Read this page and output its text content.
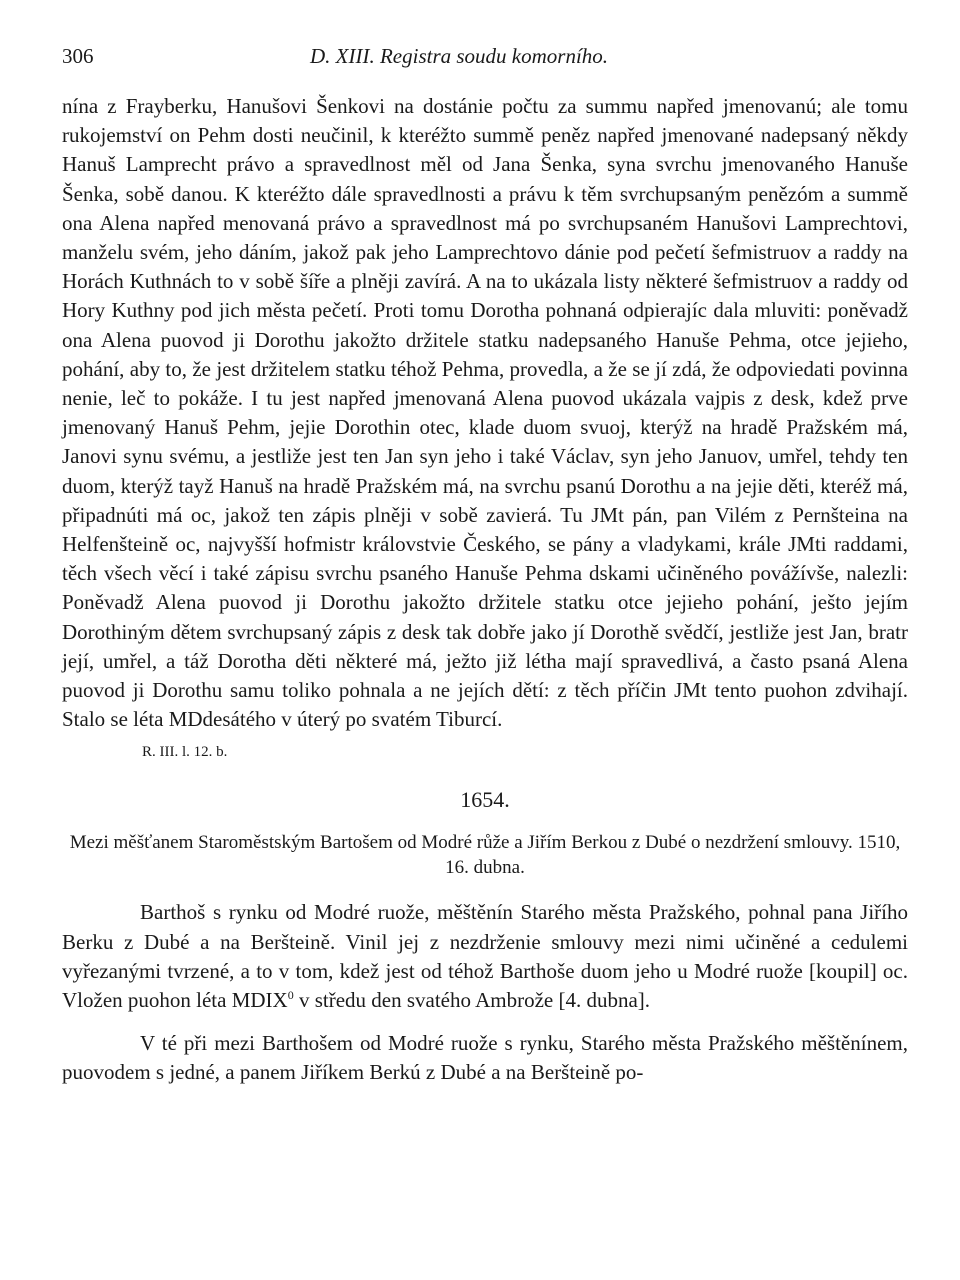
306	D. XIII. Registra soudu komorního.

nína z Frayberku, Hanušovi Šenkovi na dostánie počtu za summu napřed jmenovanú; ale tomu rukojemství on Pehm dosti neučinil, k kteréžto summě peněz napřed jmenované nadepsaný někdy Hanuš Lamprecht právo a spravedlnost měl od Jana Šenka, syna svrchu jmenovaného Hanuše Šenka, sobě danou. K kteréžto dále spravedlnosti a právu k těm svrchupsaným penězóm a summě ona Alena napřed menovaná právo a spravedlnost má po svrchupsaném Hanušovi Lamprechtovi, manželu svém, jeho dáním, jakož pak jeho Lamprechtovo dánie pod pečetí šefmistruov a raddy na Horách Kuthnách to v sobě šíře a plněji zavírá. A na to ukázala listy některé šefmistruov a raddy od Hory Kuthny pod jich města pečetí. Proti tomu Dorotha pohnaná odpierajíc dala mluviti: poněvadž ona Alena puovod ji Dorothu jakožto držitele statku nadepsaného Hanuše Pehma, otce jejieho, pohání, aby to, že jest držitelem statku téhož Pehma, provedla, a že se jí zdá, že odpoviedati povinna nenie, leč to pokáže. I tu jest napřed jmenovaná Alena puovod ukázala vajpis z desk, kdež prve jmenovaný Hanuš Pehm, jejie Dorothin otec, klade duom svuoj, kterýž na hradě Pražském má, Janovi synu svému, a jestliže jest ten Jan syn jeho i také Václav, syn jeho Januov, umřel, tehdy ten duom, kterýž tayž Hanuš na hradě Pražském má, na svrchu psanú Dorothu a na jejie děti, kteréž má, připadnúti má oc, jakož ten zápis plněji v sobě zavierá. Tu JMt pán, pan Vilém z Pernšteina na Helfenšteině oc, najvyšší hofmistr královstvie Českého, se pány a vladykami, krále JMti raddami, těch všech věcí i také zápisu svrchu psaného Hanuše Pehma dskami učiněného povážívše, nalezli: Poněvadž Alena puovod ji Dorothu jakožto držitele statku otce jejieho pohání, ješto jejím Dorothiným dětem svrchupsaný zápis z desk tak dobře jako jí Dorothě svědčí, jestliže jest Jan, bratr její, umřel, a táž Dorotha děti některé má, ježto již létha mají spravedlivá, a často psaná Alena puovod ji Dorothu samu toliko pohnala a ne jejích dětí: z těch příčin JMt tento puohon zdvihají. Stalo se léta MDdesátého v úterý po svatém Tiburcí.

R. III. l. 12. b.
1654.
Mezi měšťanem Staroměstským Bartošem od Modré růže a Jiřím Berkou z Dubé o nezdržení smlouvy. 1510, 16. dubna.

Barthoš s rynku od Modré ruože, měštěnín Starého města Pražského, pohnal pana Jiřího Berku z Dubé a na Beršteině. Vinil jej z nezdrženie smlouvy mezi nimi učiněné a cedulemi vyřezanými tvrzené, a to v tom, kdež jest od téhož Barthoše duom jeho u Modré ruože [koupil] oc. Vložen puohon léta MDIX$^0$ v středu den svatého Ambrože [4. dubna].

V té při mezi Barthošem od Modré ruože s rynku, Starého města Pražského měštěnínem, puovodem s jedné, a panem Jiříkem Berkú z Dubé a na Beršteině po-
